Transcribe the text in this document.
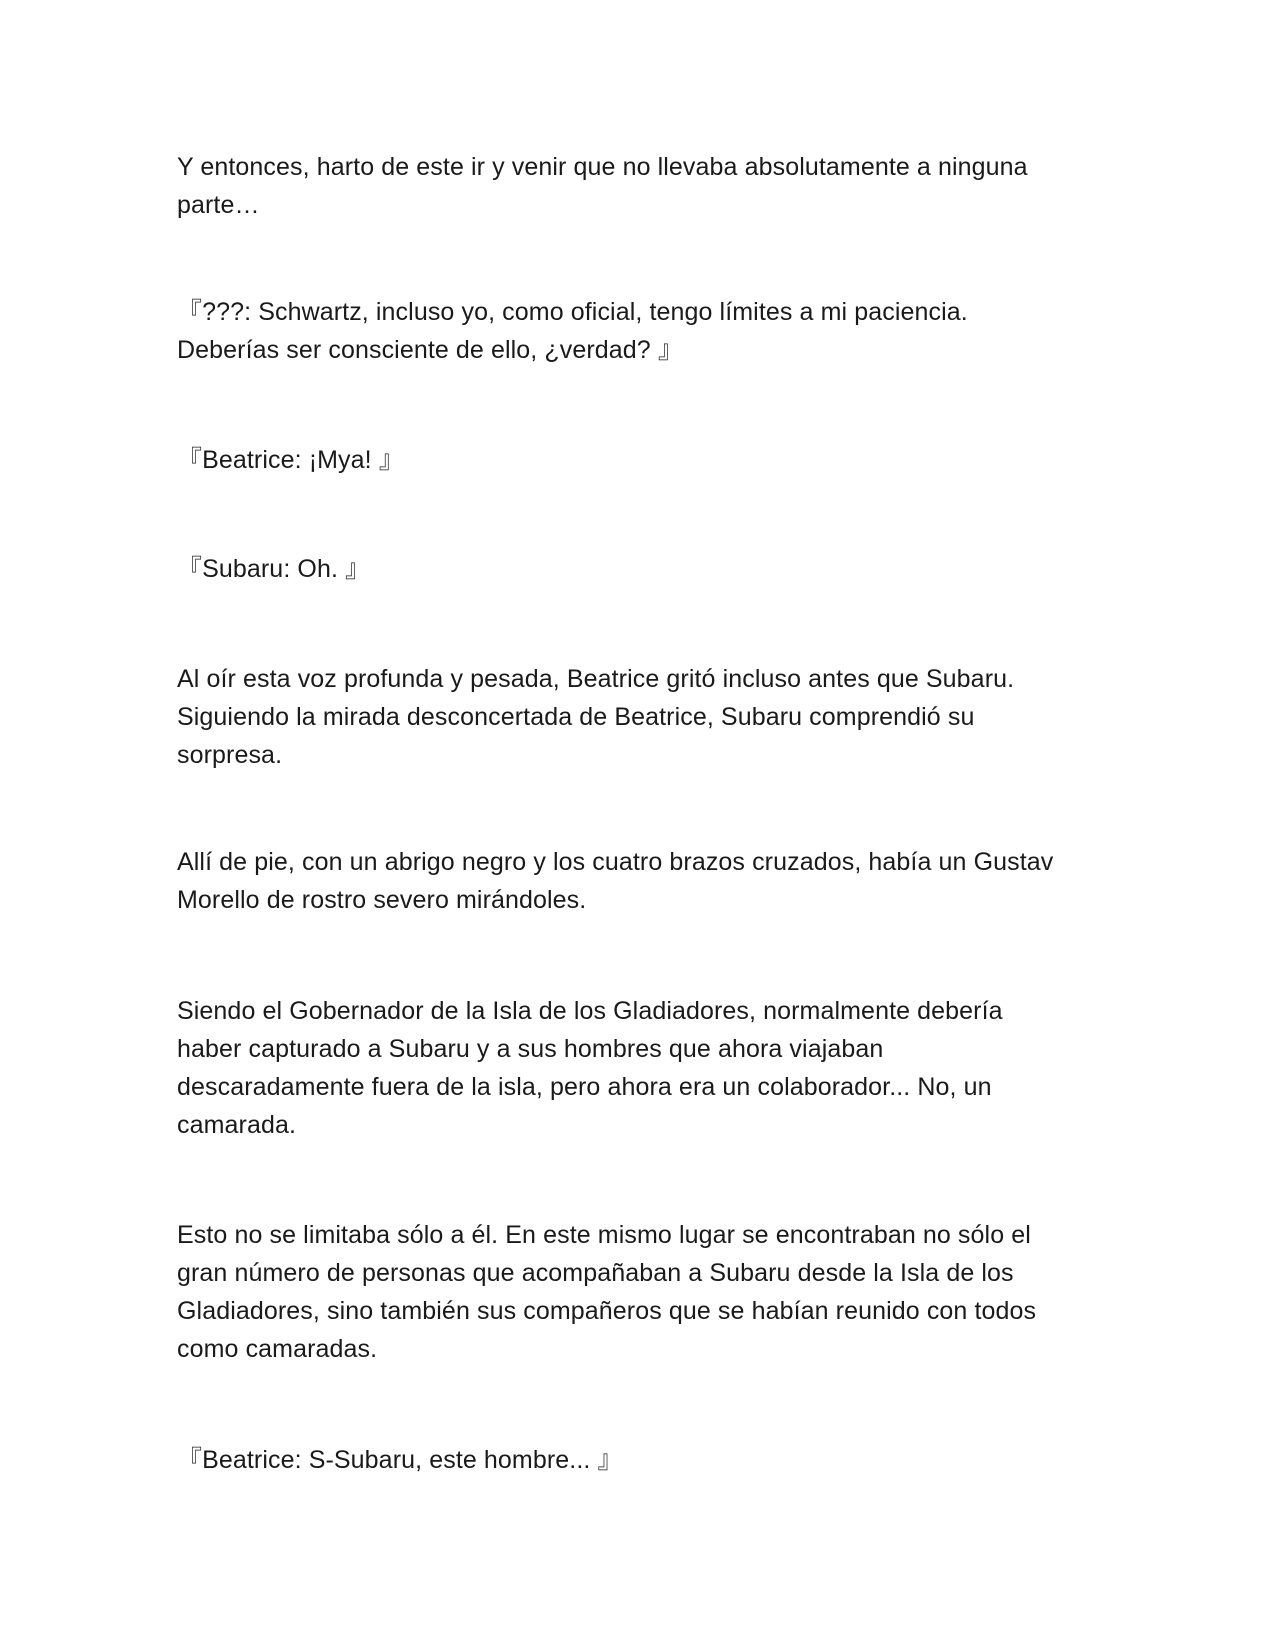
Y entonces, harto de este ir y venir que no llevaba absolutamente a ninguna
parte…

『???: Schwartz, incluso yo, como oficial, tengo límites a mi paciencia.
Deberías ser consciente de ello, ¿verdad? 』

『Beatrice: ¡Mya! 』

『Subaru: Oh. 』

Al oír esta voz profunda y pesada, Beatrice gritó incluso antes que Subaru.
Siguiendo la mirada desconcertada de Beatrice, Subaru comprendió su
sorpresa.

Allí de pie, con un abrigo negro y los cuatro brazos cruzados, había un Gustav
Morello de rostro severo mirándoles.

Siendo el Gobernador de la Isla de los Gladiadores, normalmente debería
haber capturado a Subaru y a sus hombres que ahora viajaban
descaradamente fuera de la isla, pero ahora era un colaborador... No, un
camarada.

Esto no se limitaba sólo a él. En este mismo lugar se encontraban no sólo el
gran número de personas que acompañaban a Subaru desde la Isla de los
Gladiadores, sino también sus compañeros que se habían reunido con todos
como camaradas.

『Beatrice: S-Subaru, este hombre... 』
